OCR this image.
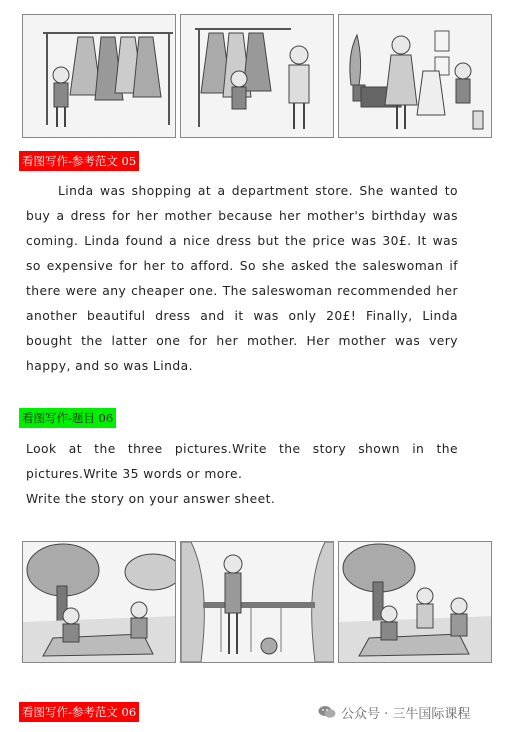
看图写作-参考范文 05
Linda was shopping at a department store. She wanted to buy a dress for her mother because her mother's birthday was coming. Linda found a nice dress but the price was 30£. It was so expensive for her to afford. So she asked the saleswoman if there were any cheaper one. The saleswoman recommended her another beautiful dress and it was only 20£! Finally, Linda bought the latter one for her mother. Her mother was very happy, and so was Linda.
看图写作-题目 06
Look at the three pictures.Write the story shown in the pictures.Write 35 words or more.
Write the story on your answer sheet.
看图写作-参考范文 06	公众号 · 三牛国际课程
